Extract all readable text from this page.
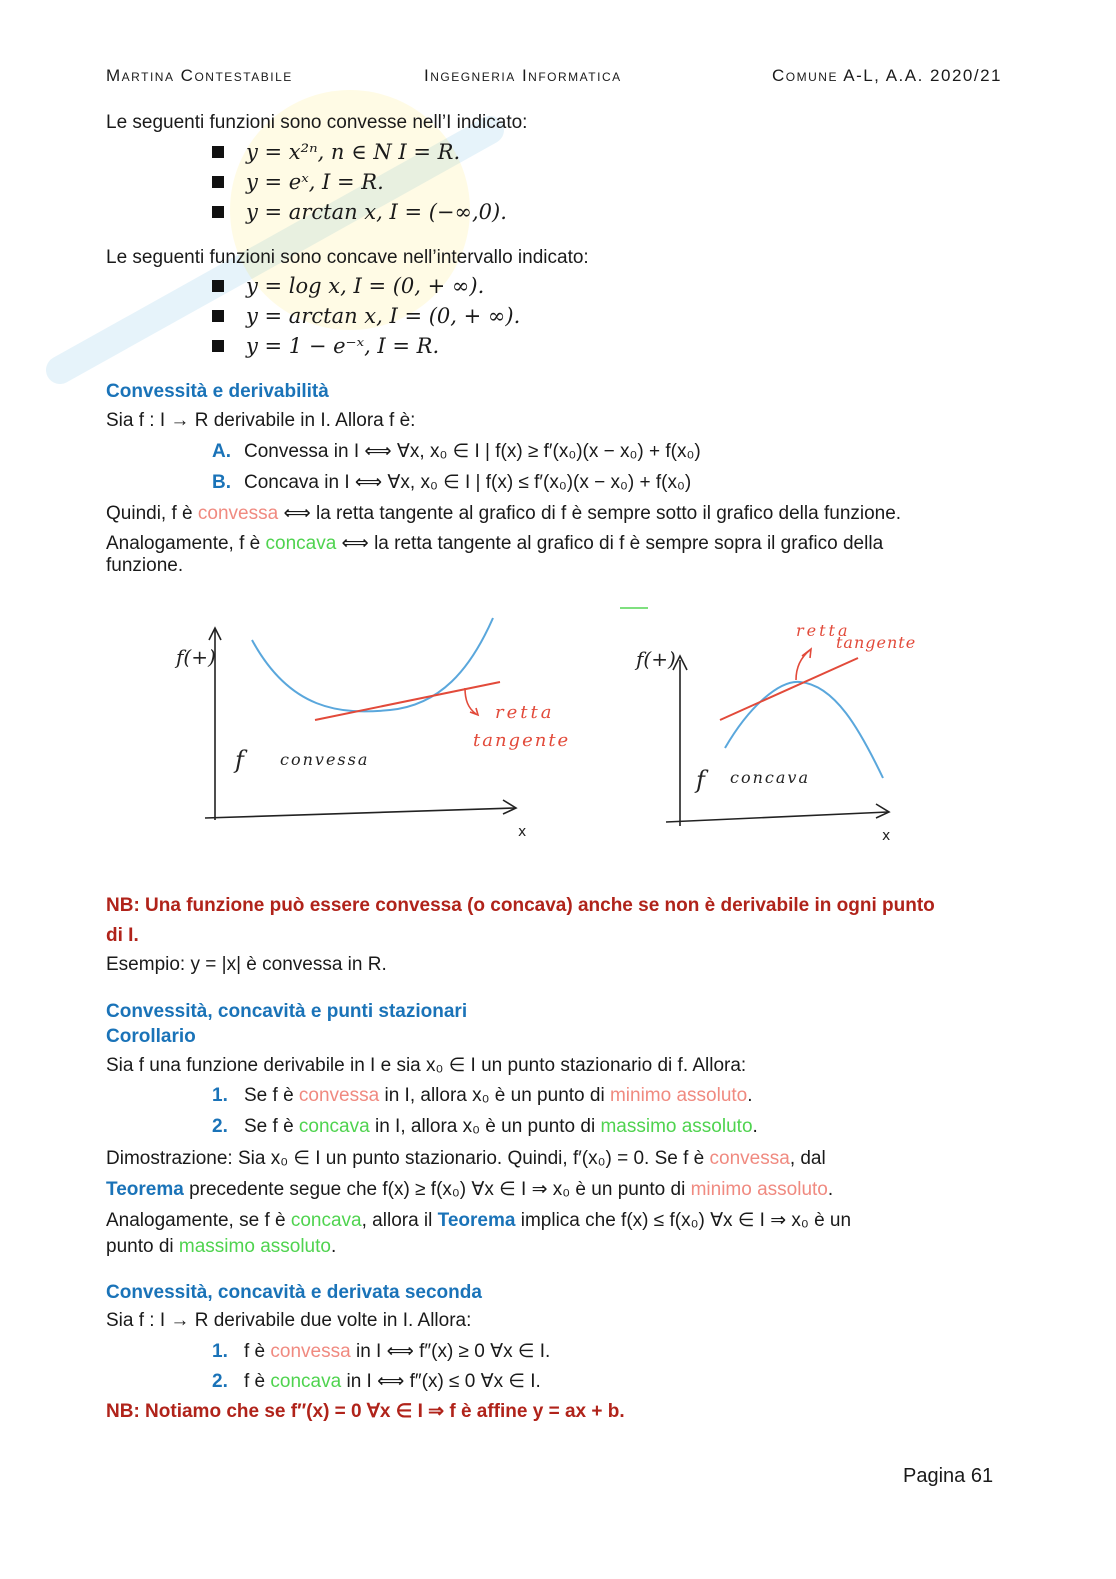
Martina Contestabile	Ingegneria Informatica	Comune A-L, A.A. 2020/21
Le seguenti funzioni sono convesse nell’I indicato:
y = x²ⁿ, n ∈ N I = R.
y = eˣ, I = R.
y = arctan x, I = (−∞,0).
Le seguenti funzioni sono concave nell’intervallo indicato:
y = log x, I = (0, + ∞).
y = arctan x, I = (0, + ∞).
y = 1 − e⁻ˣ, I = R.
Convessità e derivabilità
Sia f : I → R derivabile in I. Allora f è:
A. Convessa in I ⟺ ∀x, x₀ ∈ I | f(x) ≥ f′(x₀)(x − x₀) + f(x₀)
B. Concava in I ⟺ ∀x, x₀ ∈ I | f(x) ≤ f′(x₀)(x − x₀) + f(x₀)
Quindi, f è convessa ⟺ la retta tangente al grafico di f è sempre sotto il grafico della funzione.
Analogamente, f è concava ⟺ la retta tangente al grafico di f è sempre sopra il grafico della
funzione.
f(+)
x
f convessa
retta
tangente
f(+)
x
f concava
retta
tangente
NB: Una funzione può essere convessa (o concava) anche se non è derivabile in ogni punto
di I.
Esempio: y = |x| è convessa in R.
Convessità, concavità e punti stazionari
Corollario
Sia f una funzione derivabile in I e sia x₀ ∈ I un punto stazionario di f. Allora:
1. Se f è convessa in I, allora x₀ è un punto di minimo assoluto.
2. Se f è concava in I, allora x₀ è un punto di massimo assoluto.
Dimostrazione: Sia x₀ ∈ I un punto stazionario. Quindi, f′(x₀) = 0. Se f è convessa, dal
Teorema precedente segue che f(x) ≥ f(x₀) ∀x ∈ I ⇒ x₀ è un punto di minimo assoluto.
Analogamente, se f è concava, allora il Teorema implica che f(x) ≤ f(x₀) ∀x ∈ I ⇒ x₀ è un
punto di massimo assoluto.
Convessità, concavità e derivata seconda
Sia f : I → R derivabile due volte in I. Allora:
1. f è convessa in I ⟺ f″(x) ≥ 0 ∀x ∈ I.
2. f è concava in I ⟺ f″(x) ≤ 0 ∀x ∈ I.
NB: Notiamo che se f″(x) = 0 ∀x ∈ I ⇒ f è affine y = ax + b.
Pagina 61
